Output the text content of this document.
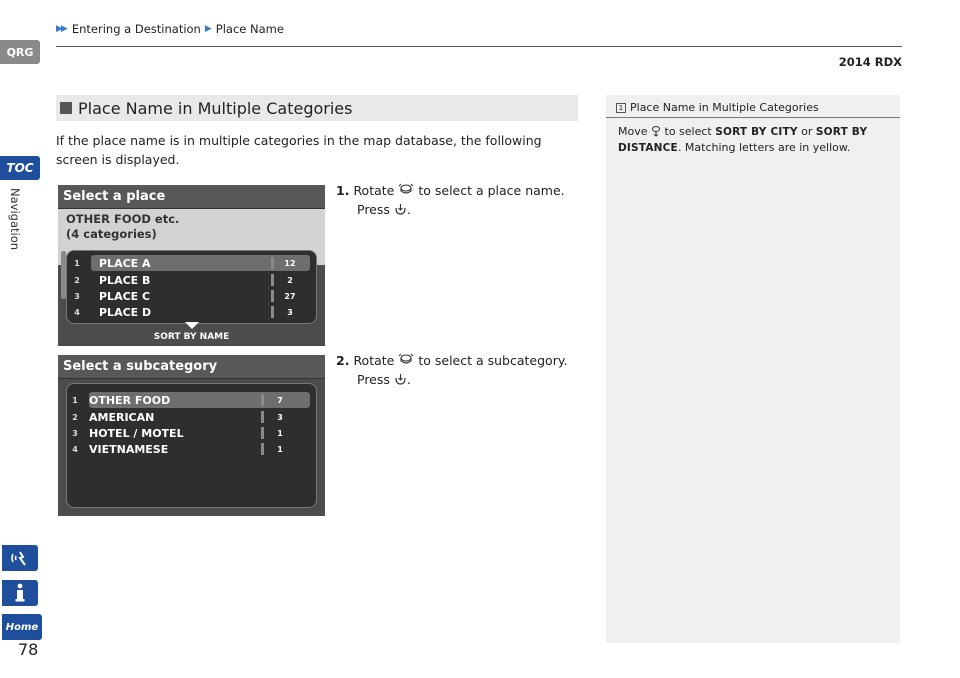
▶▶ Entering a Destination ▶ Place Name
2014 RDX
QRG
TOC
Navigation
Home
78
Place Name in Multiple Categories

If the place name is in multiple categories in the map database, the following screen is displayed.

Select a place
OTHER FOOD etc.
(4 categories)
1	PLACE A	12
2	PLACE B	2
3	PLACE C	27
4	PLACE D	3
SORT BY NAME
1. Rotate to select a place name.
Press .
Select a subcategory
1	OTHER FOOD	7
2	AMERICAN	3
3	HOTEL / MOTEL	1
4	VIETNAMESE	1
2. Rotate to select a subcategory.
Press .
1 Place Name in Multiple Categories
Move to select SORT BY CITY or SORT BY DISTANCE. Matching letters are in yellow.
